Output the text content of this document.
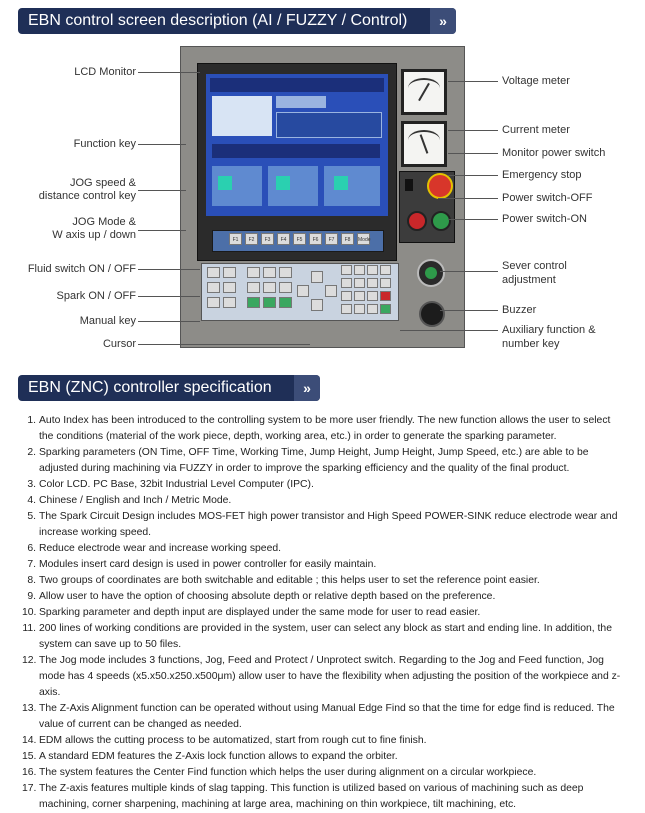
EBN control screen description (AI / FUZZY / Control)	»
F1	F2	F3	F4	F5	F6	F7	F8	Mode
LCD Monitor
Function key
JOG speed &
distance control key
JOG Mode &
W axis up / down
Fluid switch ON / OFF
Spark ON / OFF
Manual key
Cursor
Voltage meter
Current meter
Monitor power switch
Emergency stop
Power switch-OFF
Power switch-ON
Sever control
adjustment
Buzzer
Auxiliary function &
number key
EBN (ZNC) controller specification	»
1. Auto Index has been introduced to the controlling system to be more user friendly. The new function allows the user to select the conditions (material of the work piece, depth, working area, etc.) in order to generate the sparking parameter.
2. Sparking parameters (ON Time, OFF Time, Working Time, Jump Height, Jump Height, Jump Speed, etc.) are able to be adjusted during machining via FUZZY in order to improve the sparking efficiency and the quality of the final product.
3. Color LCD. PC Base, 32bit Industrial Level Computer (IPC).
4. Chinese / English and Inch / Metric Mode.
5. The Spark Circuit Design includes MOS-FET high power transistor and High Speed POWER-SINK reduce electrode wear and increase working speed.
6. Reduce electrode wear and increase working speed.
7. Modules insert card design is used in power controller for easily maintain.
8. Two groups of coordinates are both switchable and editable ; this helps user to set the reference point easier.
9. Allow user to have the option of choosing absolute depth or relative depth based on the preference.
10. Sparking parameter and depth input are displayed under the same mode for user to read easier.
11. 200 lines of working conditions are provided in the system, user can select any block as start and ending line. In addition, the system can save up to 50 files.
12. The Jog mode includes 3 functions, Jog, Feed and Protect / Unprotect switch. Regarding to the Jog and Feed function, Jog mode has 4 speeds (x5.x50.x250.x500μm) allow user to have the flexibility when adjusting the position of the workpiece and z-axis.
13. The Z-Axis Alignment function can be operated without using Manual Edge Find so that the time for edge find is reduced. The value of current can be changed as needed.
14. EDM allows the cutting process to be automatized, start from rough cut to fine finish.
15. A standard EDM features the Z-Axis lock function allows to expand the orbiter.
16. The system features the Center Find function which helps the user during alignment on a circular workpiece.
17. The Z-axis features multiple kinds of slag tapping. This function is utilized based on various of machining such as deep machining, corner sharpening, machining at large area, machining on thin workpiece, tilt machining, etc.
